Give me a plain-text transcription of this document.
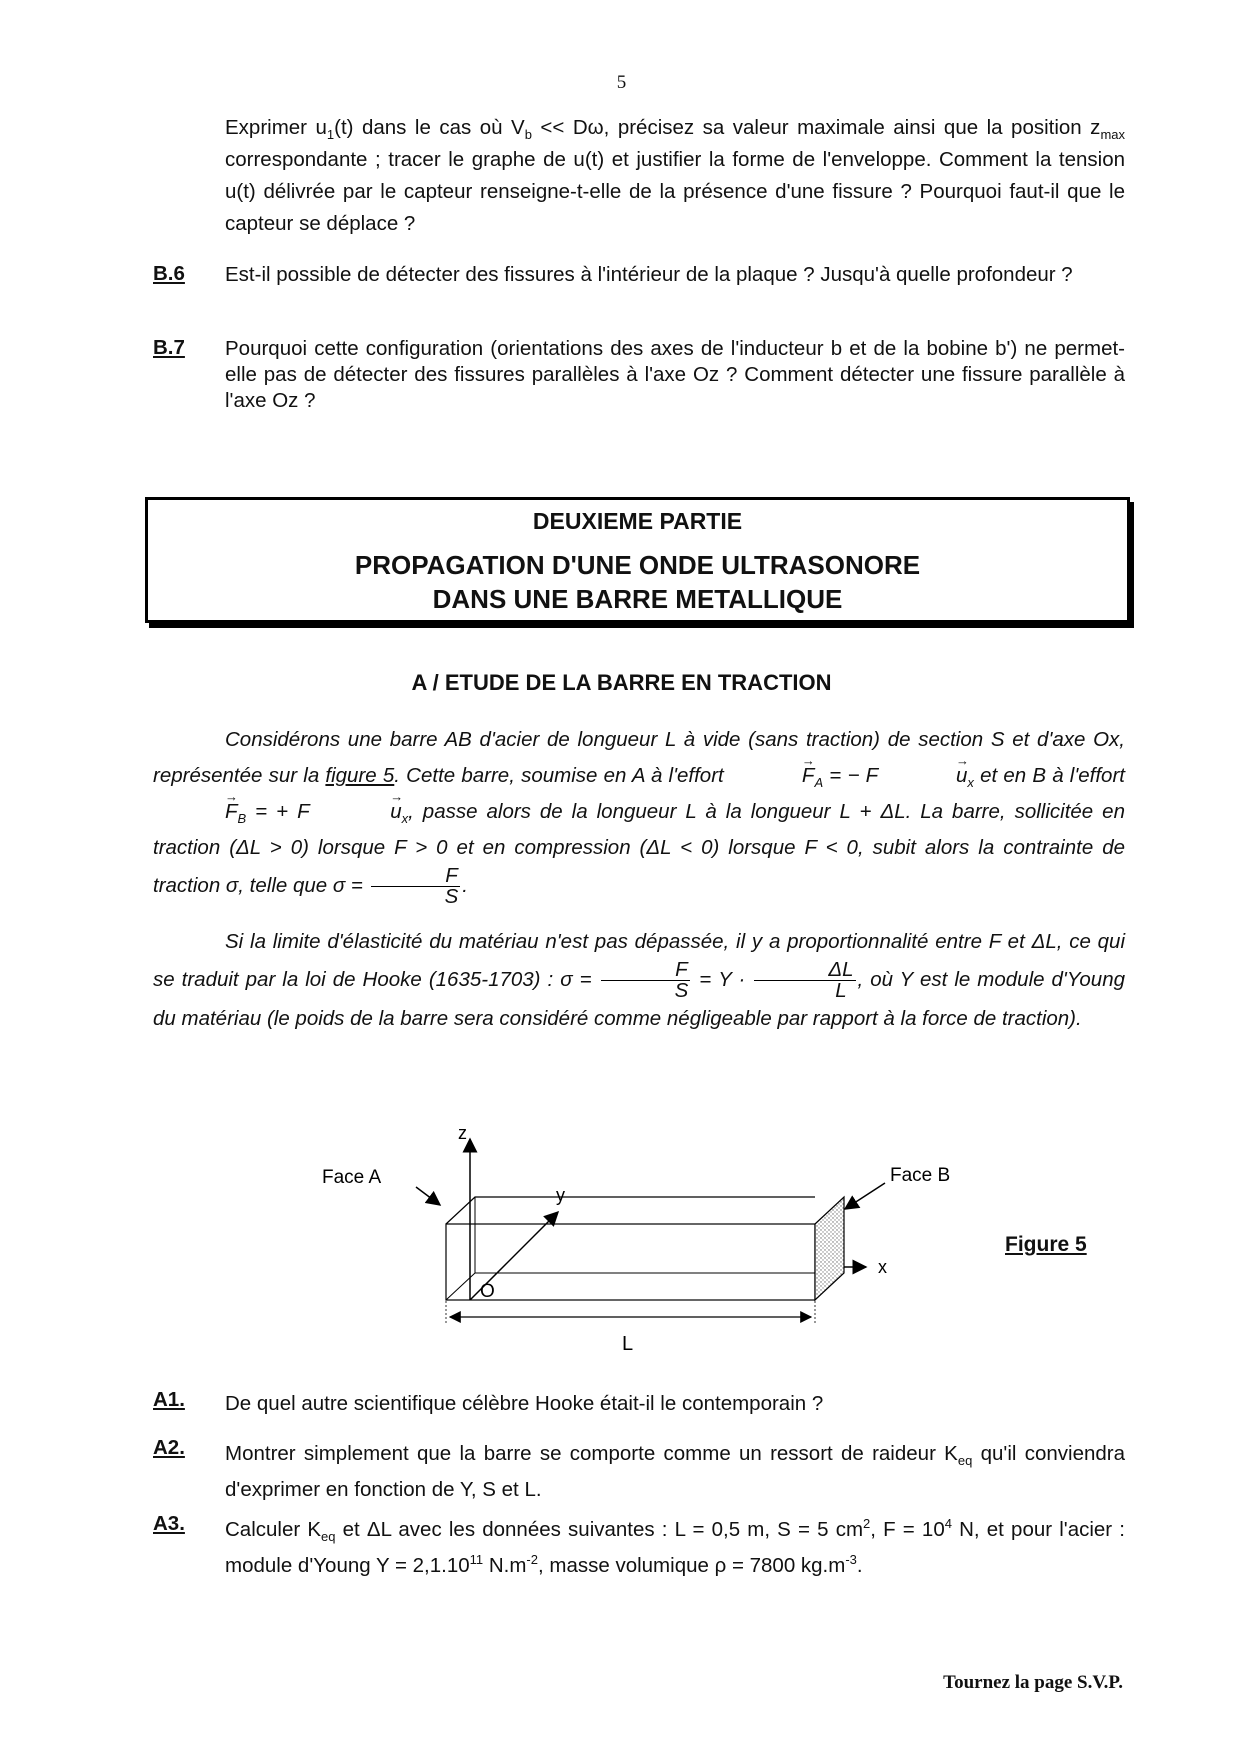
5
Exprimer $u_1(t)$ dans le cas où $V_b << D\omega$, précisez sa valeur maximale ainsi que la position $z_{max}$ correspondante ; tracer le graphe de u(t) et justifier la forme de l'enveloppe. Comment la tension u(t) délivrée par le capteur renseigne-t-elle de la présence d'une fissure ? Pourquoi faut-il que le capteur se déplace ?
B.6 Est-il possible de détecter des fissures à l'intérieur de la plaque ? Jusqu'à quelle profondeur ?
B.7 Pourquoi cette configuration (orientations des axes de l'inducteur b et de la bobine b') ne permet-elle pas de détecter des fissures parallèles à l'axe Oz ? Comment détecter une fissure parallèle à l'axe Oz ?
DEUXIEME PARTIE
PROPAGATION D'UNE ONDE ULTRASONORE
DANS UNE BARRE METALLIQUE
A / ETUDE DE LA BARRE EN TRACTION
Considérons une barre AB d'acier de longueur L à vide (sans traction) de section S et d'axe Ox, représentée sur la figure 5. Cette barre, soumise en A à l'effort	→ $F_A$ = − F	→ $u_x$ et en B à l'effort → $F_B$ = + F	→ $u_x$, passe alors de la longueur L à la longueur L + ΔL. La barre, sollicitée en traction (ΔL > 0) lorsque F > 0 et en compression (ΔL < 0) lorsque F < 0, subit alors la contrainte de traction σ, telle que $\sigma = \frac{F}{S}$ .
Si la limite d'élasticité du matériau n'est pas dépassée, il y a proportionnalité entre F et ΔL, ce qui se traduit par la loi de Hooke (1635-1703) : $\sigma = \frac{F}{S} = Y \cdot \frac{\Delta L}{L}$ , où Y est le module d'Young du matériau (le poids de la barre sera considéré comme négligeable par rapport à la force de traction).
O
z
y
x
Face A	Face B
L
Figure 5
A1. De quel autre scientifique célèbre Hooke était-il le contemporain ?
A2. Montrer simplement que la barre se comporte comme un ressort de raideur $K_{eq}$ qu'il conviendra d'exprimer en fonction de Y, S et L.
A3. Calculer $K_{eq}$ et ΔL avec les données suivantes : L = 0,5 m, S = 5 $cm^2$, $F = 10^4$ N, et pour l'acier : module d'Young $Y = 2,1.10^{11}$ $N.m^{-2}$, masse volumique ρ = 7800 $kg.m^{-3}$.
Tournez la page S.V.P.
